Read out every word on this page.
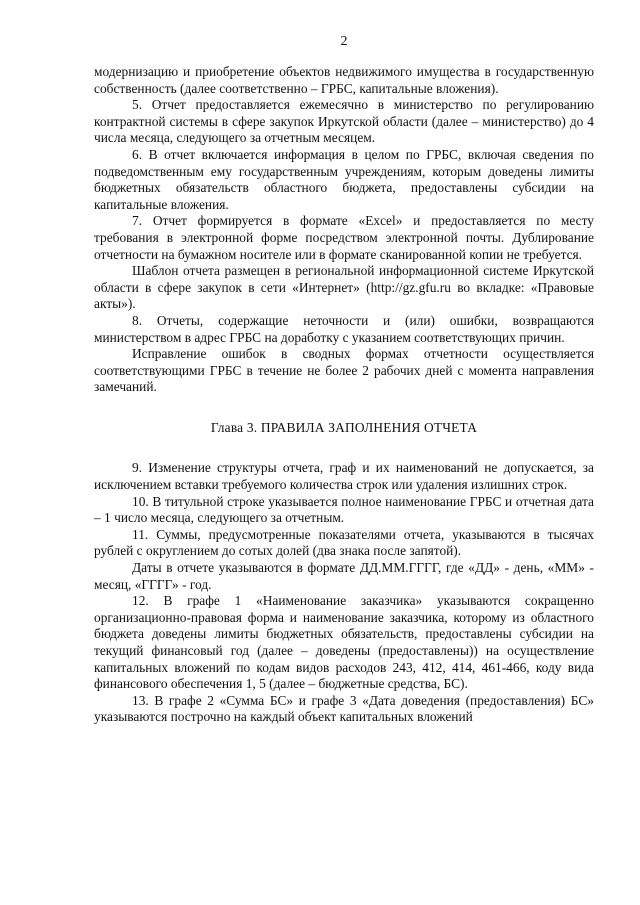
2

модернизацию и приобретение объектов недвижимого имущества в государственную собственность (далее соответственно – ГРБС, капитальные вложения).

5. Отчет предоставляется ежемесячно в министерство по регулированию контрактной системы в сфере закупок Иркутской области (далее – министерство) до 4 числа месяца, следующего за отчетным месяцем.

6. В отчет включается информация в целом по ГРБС, включая сведения по подведомственным ему государственным учреждениям, которым доведены лимиты бюджетных обязательств областного бюджета, предоставлены субсидии на капитальные вложения.

7. Отчет формируется в формате «Excel» и предоставляется по месту требования в электронной форме посредством электронной почты. Дублирование отчетности на бумажном носителе или в формате сканированной копии не требуется.

Шаблон отчета размещен в региональной информационной системе Иркутской области в сфере закупок в сети «Интернет» (http://gz.gfu.ru во вкладке: «Правовые акты»).

8. Отчеты, содержащие неточности и (или) ошибки, возвращаются министерством в адрес ГРБС на доработку с указанием соответствующих причин.

Исправление ошибок в сводных формах отчетности осуществляется соответствующими ГРБС в течение не более 2 рабочих дней с момента направления замечаний.

Глава 3. ПРАВИЛА ЗАПОЛНЕНИЯ ОТЧЕТА

9. Изменение структуры отчета, граф и их наименований не допускается, за исключением вставки требуемого количества строк или удаления излишних строк.

10. В титульной строке указывается полное наименование ГРБС и отчетная дата – 1 число месяца, следующего за отчетным.

11. Суммы, предусмотренные показателями отчета, указываются в тысячах рублей с округлением до сотых долей (два знака после запятой).

Даты в отчете указываются в формате ДД.ММ.ГГГГ, где «ДД» - день, «ММ» - месяц, «ГГГГ» - год.

12. В графе 1 «Наименование заказчика» указываются сокращенно организационно-правовая форма и наименование заказчика, которому из областного бюджета доведены лимиты бюджетных обязательств, предоставлены субсидии на текущий финансовый год (далее – доведены (предоставлены)) на осуществление капитальных вложений по кодам видов расходов 243, 412, 414, 461-466, коду вида финансового обеспечения 1, 5 (далее – бюджетные средства, БС).

13. В графе 2 «Сумма БС» и графе 3 «Дата доведения (предоставления) БС» указываются построчно на каждый объект капитальных вложений
